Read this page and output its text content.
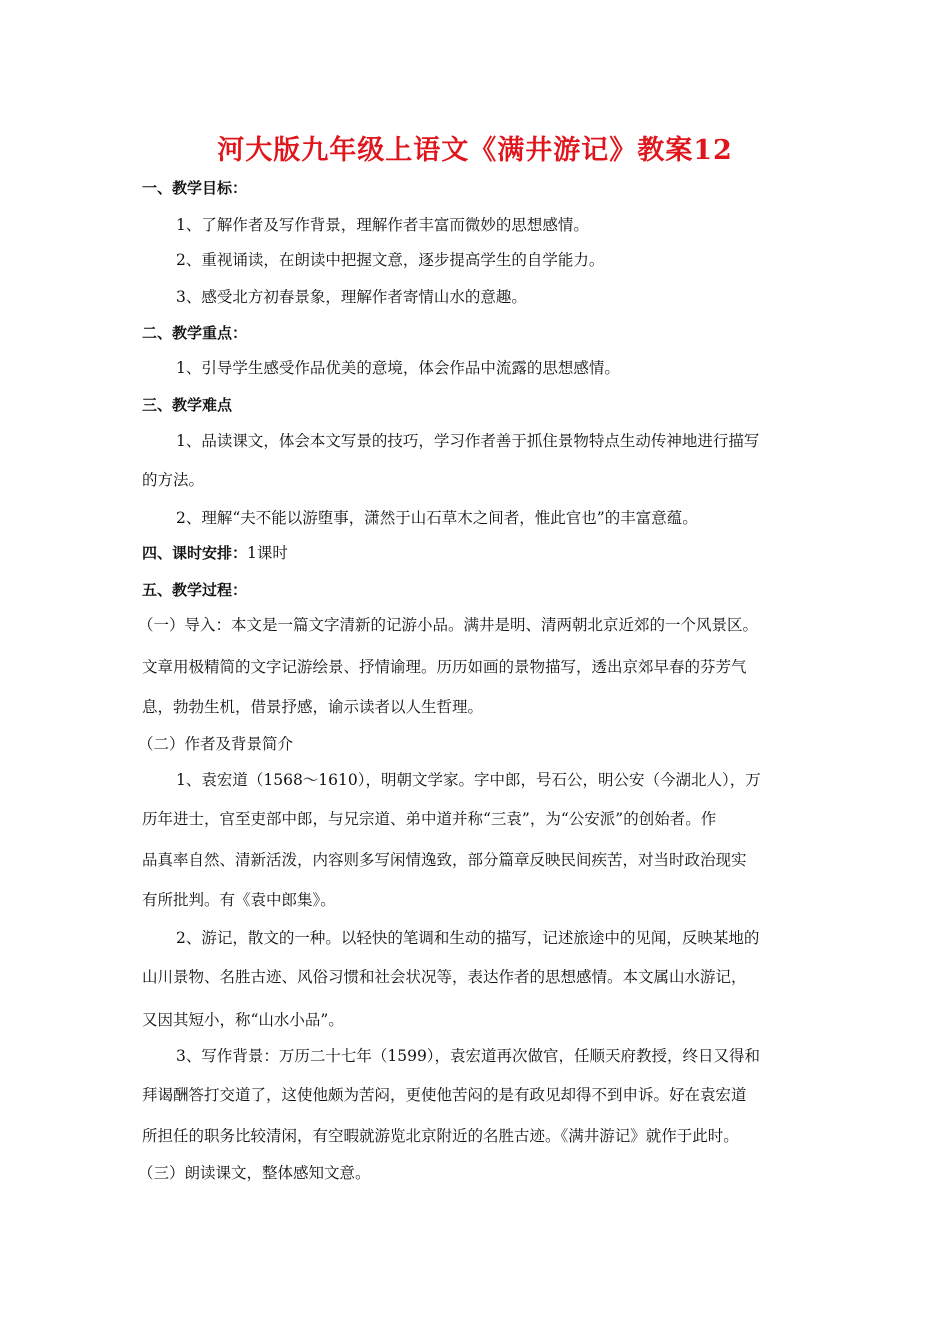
河大版九年级上语文《满井游记》教案12
一、教学目标：
1、了解作者及写作背景，理解作者丰富而微妙的思想感情。
2、重视诵读，在朗读中把握文意，逐步提高学生的自学能力。
3、感受北方初春景象，理解作者寄情山水的意趣。
二、教学重点：
1、引导学生感受作品优美的意境，体会作品中流露的思想感情。
三、教学难点
1、品读课文，体会本文写景的技巧，学习作者善于抓住景物特点生动传神地进行描写
的方法。
2、理解“夫不能以游堕事，潇然于山石草木之间者，惟此官也”的丰富意蕴。
四、课时安排：1课时
五、教学过程：
（一）导入：本文是一篇文字清新的记游小品。满井是明、清两朝北京近郊的一个风景区。
文章用极精简的文字记游绘景、抒情谕理。历历如画的景物描写，透出京郊早春的芬芳气
息，勃勃生机，借景抒感，谕示读者以人生哲理。
（二）作者及背景简介
1、袁宏道（1568～1610），明朝文学家。字中郎，号石公，明公安（今湖北人），万
历年进士，官至吏部中郎，与兄宗道、弟中道并称“三袁”，为“公安派”的创始者。作
品真率自然、清新活泼，内容则多写闲情逸致，部分篇章反映民间疾苦，对当时政治现实
有所批判。有《袁中郎集》。
2、游记，散文的一种。以轻快的笔调和生动的描写，记述旅途中的见闻，反映某地的
山川景物、名胜古迹、风俗习惯和社会状况等，表达作者的思想感情。本文属山水游记，
又因其短小，称“山水小品”。
3、写作背景：万历二十七年（1599），袁宏道再次做官，任顺天府教授，终日又得和
拜谒酬答打交道了，这使他颇为苦闷，更使他苦闷的是有政见却得不到申诉。好在袁宏道
所担任的职务比较清闲，有空暇就游览北京附近的名胜古迹。《满井游记》就作于此时。
（三）朗读课文，整体感知文意。
